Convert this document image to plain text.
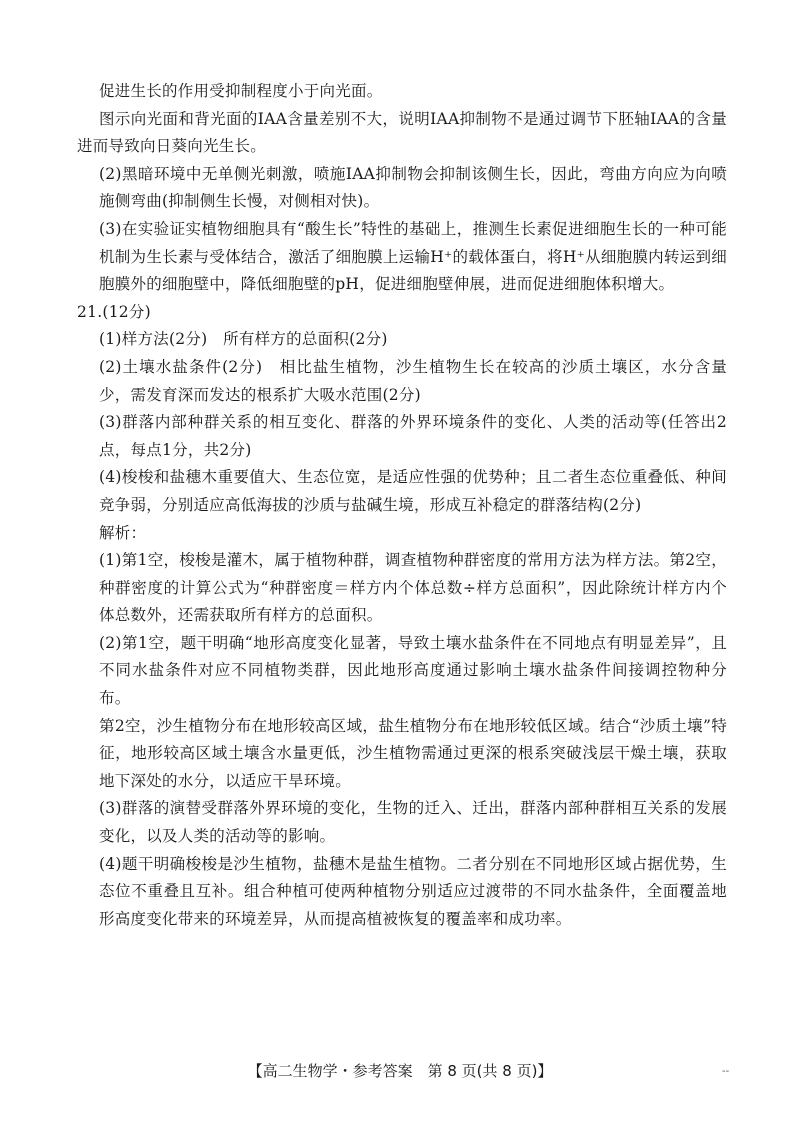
促进生长的作用受抑制程度小于向光面。

图示向光面和背光面的IAA含量差别不大，说明IAA抑制物不是通过调节下胚轴IAA的含量进而导致向日葵向光生长。

(2)黑暗环境中无单侧光刺激，喷施IAA抑制物会抑制该侧生长，因此，弯曲方向应为向喷施侧弯曲(抑制侧生长慢，对侧相对快)。

(3)在实验证实植物细胞具有“酸生长”特性的基础上，推测生长素促进细胞生长的一种可能机制为生长素与受体结合，激活了细胞膜上运输H⁺的载体蛋白，将H⁺从细胞膜内转运到细胞膜外的细胞壁中，降低细胞壁的pH，促进细胞壁伸展，进而促进细胞体积增大。

21.(12分)

(1)样方法(2分)　所有样方的总面积(2分)

(2)土壤水盐条件(2分)　相比盐生植物，沙生植物生长在较高的沙质土壤区，水分含量少，需发育深而发达的根系扩大吸水范围(2分)

(3)群落内部种群关系的相互变化、群落的外界环境条件的变化、人类的活动等(任答出2点，每点1分，共2分)

(4)梭梭和盐穗木重要值大、生态位宽，是适应性强的优势种；且二者生态位重叠低、种间竞争弱，分别适应高低海拔的沙质与盐碱生境，形成互补稳定的群落结构(2分)

解析：

(1)第1空，梭梭是灌木，属于植物种群，调查植物种群密度的常用方法为样方法。第2空，种群密度的计算公式为“种群密度＝样方内个体总数÷样方总面积”，因此除统计样方内个体总数外，还需获取所有样方的总面积。

(2)第1空，题干明确“地形高度变化显著，导致土壤水盐条件在不同地点有明显差异”，且不同水盐条件对应不同植物类群，因此地形高度通过影响土壤水盐条件间接调控物种分布。

第2空，沙生植物分布在地形较高区域，盐生植物分布在地形较低区域。结合“沙质土壤”特征，地形较高区域土壤含水量更低，沙生植物需通过更深的根系突破浅层干燥土壤，获取地下深处的水分，以适应干旱环境。

(3)群落的演替受群落外界环境的变化，生物的迁入、迁出，群落内部种群相互关系的发展变化，以及人类的活动等的影响。

(4)题干明确梭梭是沙生植物，盐穗木是盐生植物。二者分别在不同地形区域占据优势，生态位不重叠且互补。组合种植可使两种植物分别适应过渡带的不同水盐条件，全面覆盖地形高度变化带来的环境差异，从而提高植被恢复的覆盖率和成功率。

【高二生物学・参考答案　第 8 页(共 8 页)】	--
